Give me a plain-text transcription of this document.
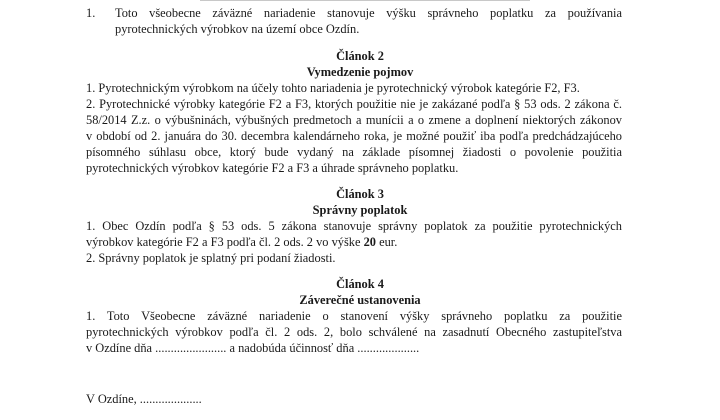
1. Toto všeobecne záväzné nariadenie stanovuje výšku správneho poplatku za používania
pyrotechnických výrobkov na území obce Ozdín.
Článok 2
Vymedzenie pojmov
1. Pyrotechnickým výrobkom na účely tohto nariadenia je pyrotechnický výrobok kategórie F2, F3.
2. Pyrotechnické výrobky kategórie F2 a F3, ktorých použitie nie je zakázané podľa § 53 ods. 2 zákona č.
58/2014 Z.z. o výbušninách, výbušných predmetoch a munícii a o zmene a doplnení niektorých zákonov
v období od 2. januára do 30. decembra kalendárneho roka, je možné použiť iba podľa predchádzajúceho
písomného súhlasu obce, ktorý bude vydaný na základe písomnej žiadosti o povolenie použitia
pyrotechnických výrobkov kategórie F2 a F3 a úhrade správneho poplatku.
Článok 3
Správny poplatok
1. Obec Ozdín podľa § 53 ods. 5 zákona stanovuje správny poplatok za použitie pyrotechnických
výrobkov kategórie F2 a F3 podľa čl. 2 ods. 2 vo výške 20 eur.
2. Správny poplatok je splatný pri podaní žiadosti.
Článok 4
Záverečné ustanovenia
1. Toto Všeobecne záväzné nariadenie o stanovení výšky správneho poplatku za použitie
pyrotechnických výrobkov podľa čl. 2 ods. 2, bolo schválené na zasadnutí Obecného zastupiteľstva
v Ozdíne dňa ....................... a nadobúda účinnosť dňa ....................
V Ozdíne, ....................
